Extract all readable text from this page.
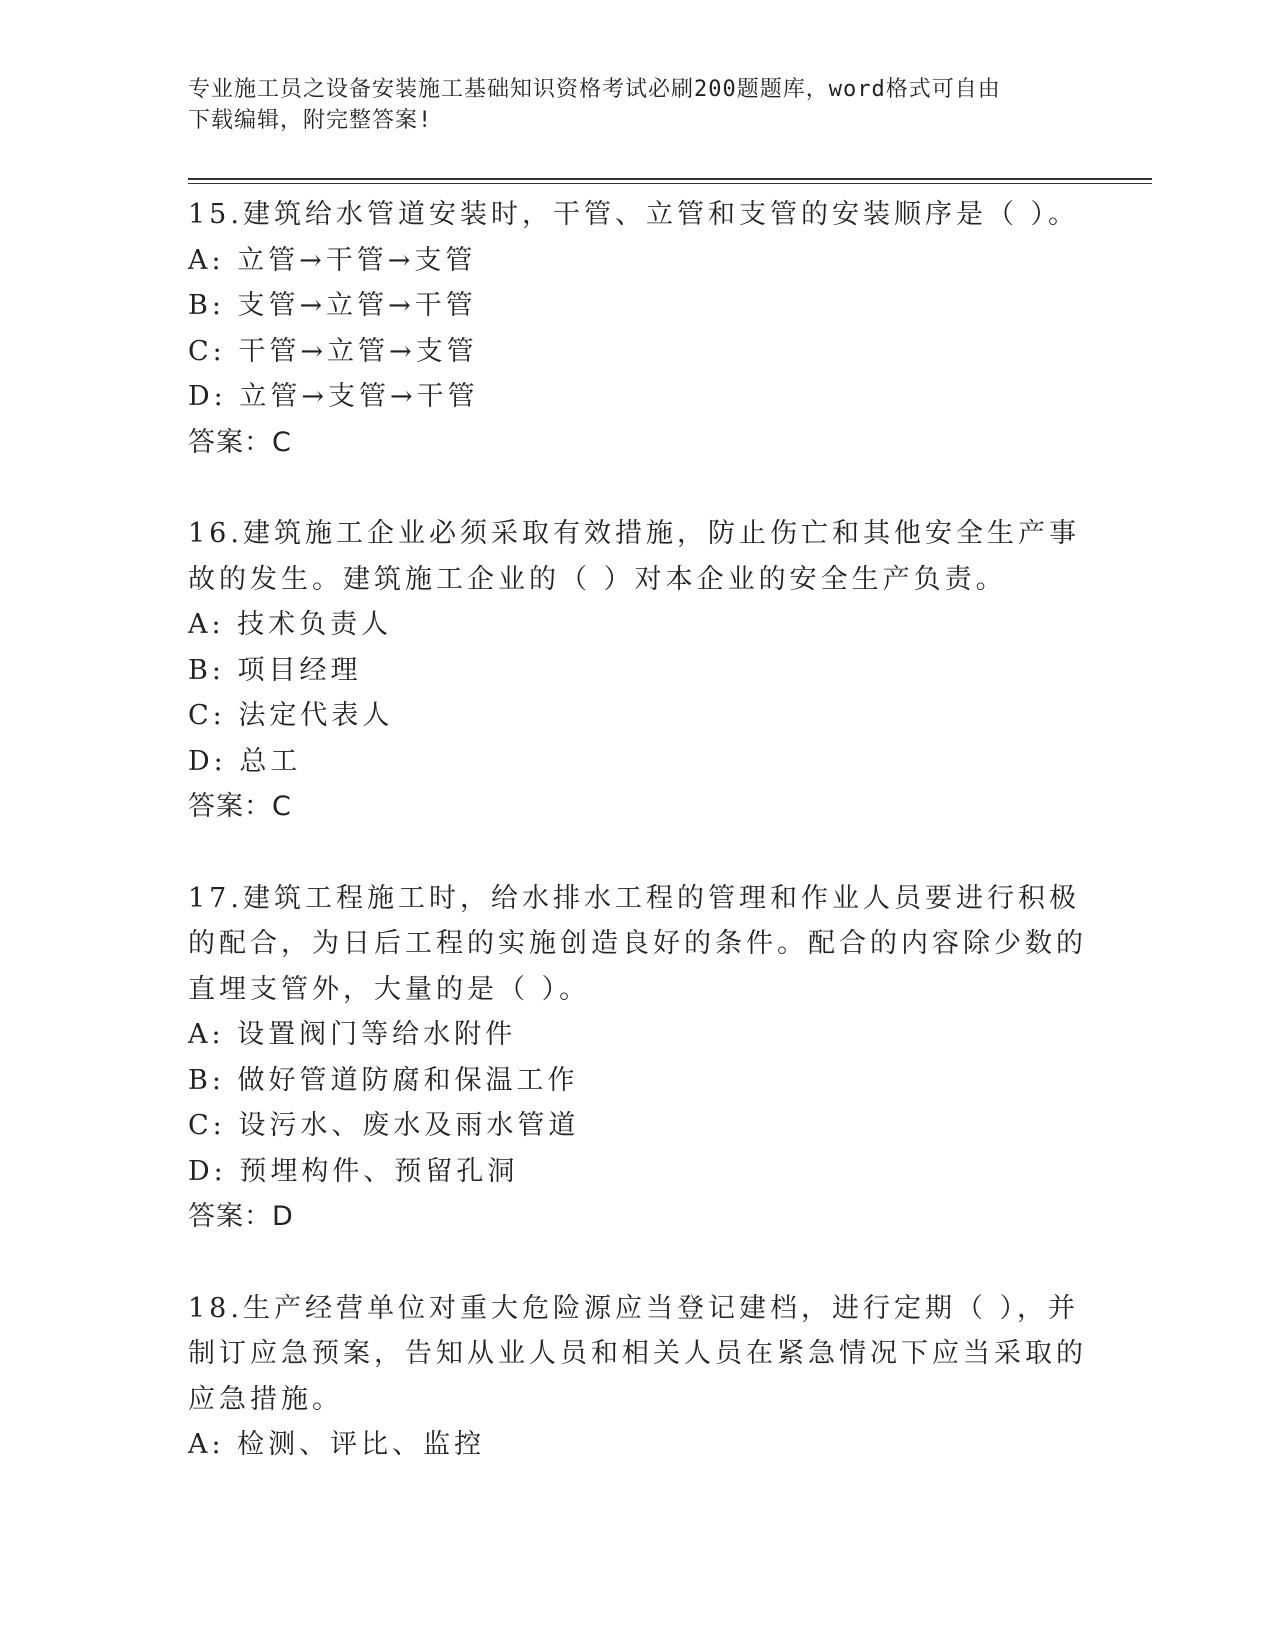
专业施工员之设备安装施工基础知识资格考试必刷200题题库，word格式可自由
下载编辑，附完整答案!
15.建筑给水管道安装时，干管、立管和支管的安装顺序是（ ）。
A: 立管→干管→支管
B: 支管→立管→干管
C: 干管→立管→支管
D: 立管→支管→干管
答案：C
16.建筑施工企业必须采取有效措施，防止伤亡和其他安全生产事故的发生。建筑施工企业的（ ）对本企业的安全生产负责。
A: 技术负责人
B: 项目经理
C: 法定代表人
D: 总工
答案：C
17.建筑工程施工时，给水排水工程的管理和作业人员要进行积极的配合，为日后工程的实施创造良好的条件。配合的内容除少数的直埋支管外，大量的是（ ）。
A: 设置阀门等给水附件
B: 做好管道防腐和保温工作
C: 设污水、废水及雨水管道
D: 预埋构件、预留孔洞
答案：D
18.生产经营单位对重大危险源应当登记建档，进行定期（ ），并制订应急预案，告知从业人员和相关人员在紧急情况下应当采取的应急措施。
A: 检测、评比、监控
